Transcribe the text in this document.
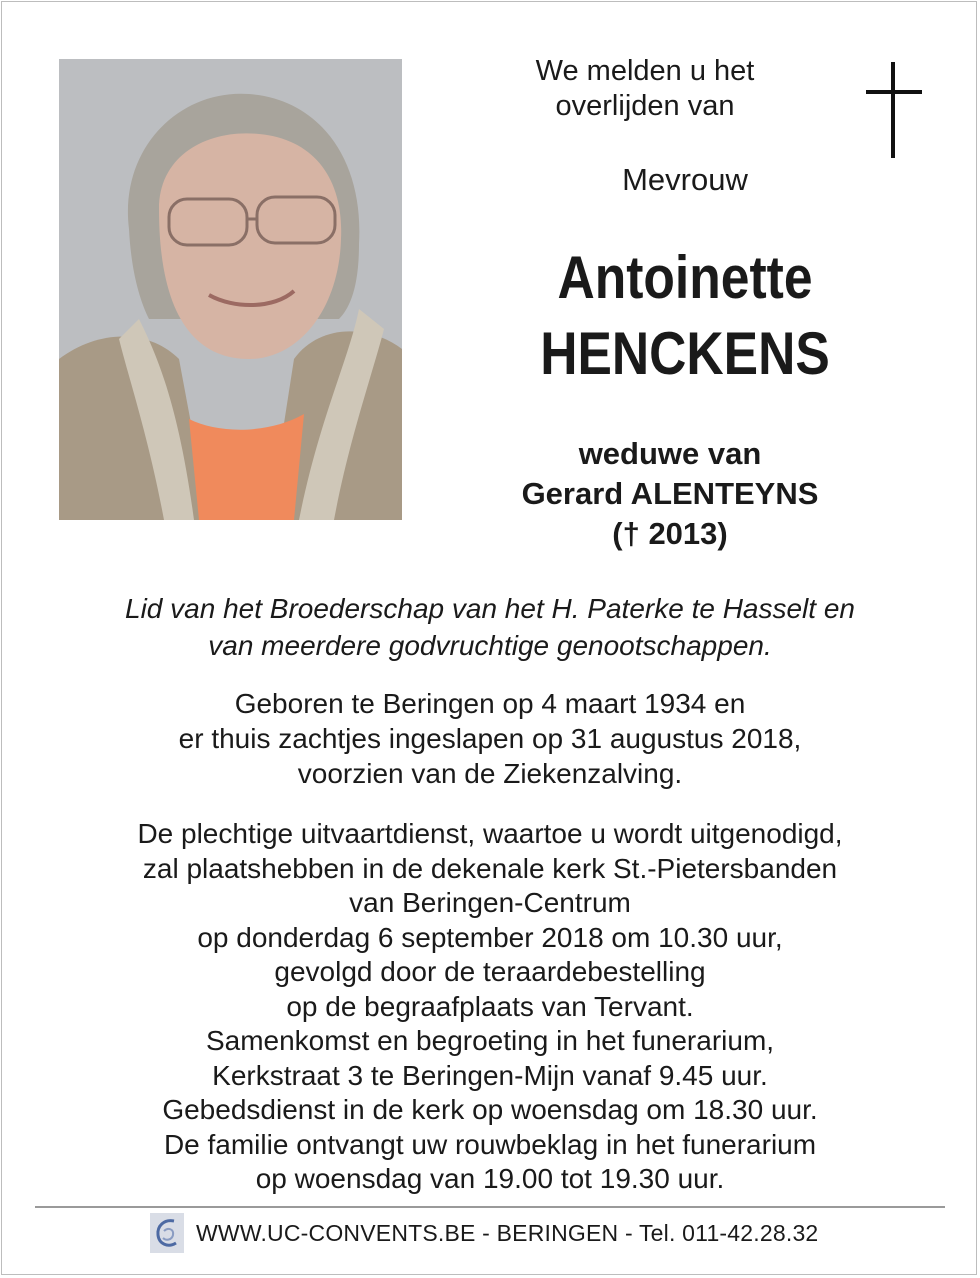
We melden u het
overlijden van
Mevrouw
Antoinette
HENCKENS
weduwe van
Gerard ALENTEYNS
(† 2013)
Lid van het Broederschap van het H. Paterke te Hasselt en
van meerdere godvruchtige genootschappen.
Geboren te Beringen op 4 maart 1934 en
er thuis zachtjes ingeslapen op 31 augustus 2018,
voorzien van de Ziekenzalving.
De plechtige uitvaartdienst, waartoe u wordt uitgenodigd,
zal plaatshebben in de dekenale kerk St.-Pietersbanden
van Beringen-Centrum
op donderdag 6 september 2018 om 10.30 uur,
gevolgd door de teraardebestelling
op de begraafplaats van Tervant.
Samenkomst en begroeting in het funerarium,
Kerkstraat 3 te Beringen-Mijn vanaf 9.45 uur.
Gebedsdienst in de kerk op woensdag om 18.30 uur.
De familie ontvangt uw rouwbeklag in het funerarium
op woensdag van 19.00 tot 19.30 uur.
WWW.UC-CONVENTS.BE - BERINGEN - Tel. 011-42.28.32
